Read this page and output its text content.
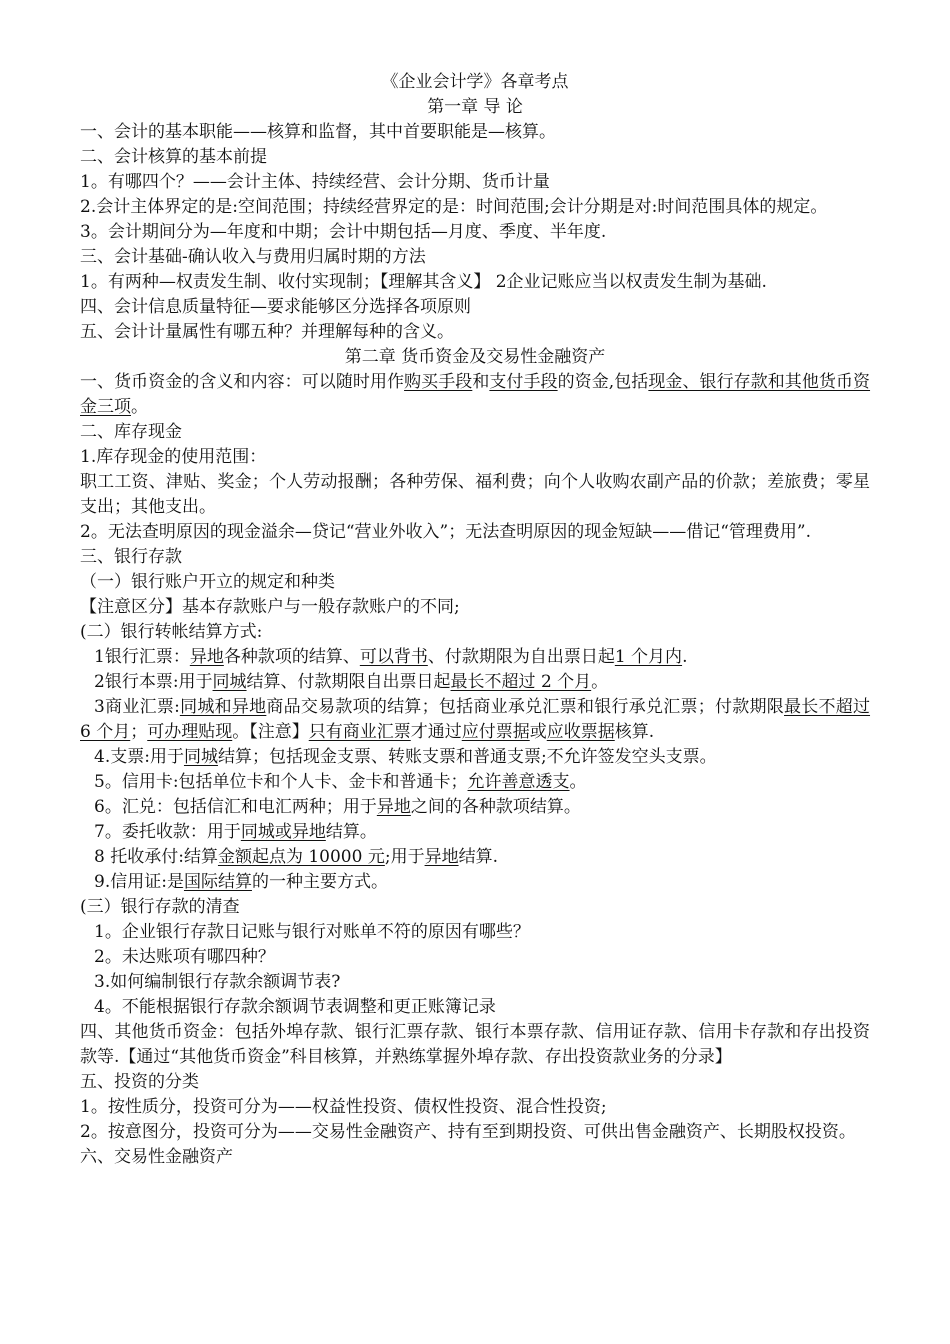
《企业会计学》各章考点
第一章 导 论
一、会计的基本职能——核算和监督，其中首要职能是—核算。
二、会计核算的基本前提
1。有哪四个？——会计主体、持续经营、会计分期、货币计量
2.会计主体界定的是:空间范围；持续经营界定的是：时间范围;会计分期是对:时间范围具体的规定。
3。会计期间分为—年度和中期；会计中期包括—月度、季度、半年度.
三、会计基础-确认收入与费用归属时期的方法
1。有两种—权责发生制、收付实现制；【理解其含义】 2企业记账应当以权责发生制为基础.
四、会计信息质量特征—要求能够区分选择各项原则
五、会计计量属性有哪五种？并理解每种的含义。
第二章 货币资金及交易性金融资产
一、货币资金的含义和内容：可以随时用作购买手段和支付手段的资金,包括现金、银行存款和其他货币资金三项。
二、库存现金
1.库存现金的使用范围：
职工工资、津贴、奖金；个人劳动报酬；各种劳保、福利费；向个人收购农副产品的价款；差旅费；零星支出；其他支出。
2。无法查明原因的现金溢余—贷记“营业外收入”；无法查明原因的现金短缺——借记“管理费用”.
三、银行存款
（一）银行账户开立的规定和种类
【注意区分】基本存款账户与一般存款账户的不同;
(二）银行转帐结算方式:
1银行汇票：异地各种款项的结算、可以背书、付款期限为自出票日起1 个月内.
2银行本票:用于同城结算、付款期限自出票日起最长不超过 2 个月。
3商业汇票:同城和异地商品交易款项的结算；包括商业承兑汇票和银行承兑汇票；付款期限最长不超过 6 个月；可办理贴现。【注意】只有商业汇票才通过应付票据或应收票据核算.
4.支票:用于同城结算；包括现金支票、转账支票和普通支票;不允许签发空头支票。
5。信用卡:包括单位卡和个人卡、金卡和普通卡；允许善意透支。
6。汇兑：包括信汇和电汇两种；用于异地之间的各种款项结算。
7。委托收款：用于同城或异地结算。
8 托收承付:结算金额起点为 10000 元;用于异地结算.
9.信用证:是国际结算的一种主要方式。
(三）银行存款的清查
1。企业银行存款日记账与银行对账单不符的原因有哪些？
2。未达账项有哪四种？
3.如何编制银行存款余额调节表?
4。不能根据银行存款余额调节表调整和更正账簿记录
四、其他货币资金：包括外埠存款、银行汇票存款、银行本票存款、信用证存款、信用卡存款和存出投资款等.【通过“其他货币资金”科目核算，并熟练掌握外埠存款、存出投资款业务的分录】
五、投资的分类
1。按性质分，投资可分为——权益性投资、债权性投资、混合性投资;
2。按意图分，投资可分为——交易性金融资产、持有至到期投资、可供出售金融资产、长期股权投资。
六、交易性金融资产
